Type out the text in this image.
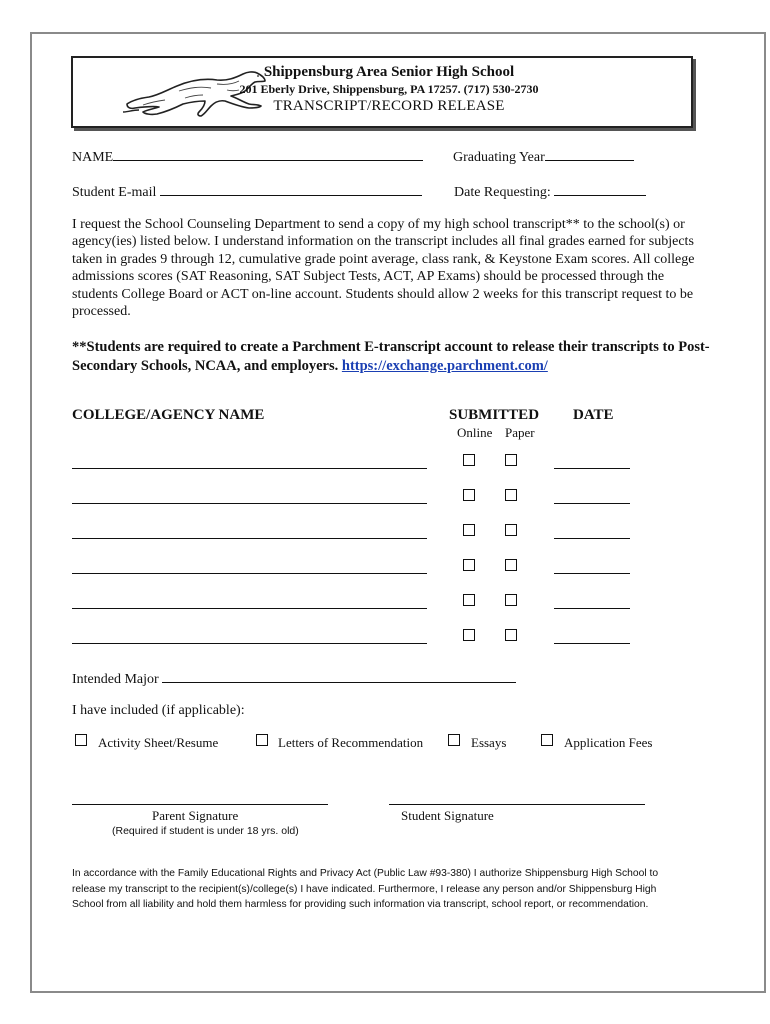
Shippensburg Area Senior High School
201 Eberly Drive, Shippensburg, PA 17257. (717) 530-2730
TRANSCRIPT/RECORD RELEASE
NAME	Graduating Year
Student E-mail	Date Requesting:
I request the School Counseling Department to send a copy of my high school transcript** to the school(s) or agency(ies) listed below. I understand information on the transcript includes all final grades earned for subjects taken in grades 9 through 12, cumulative grade point average, class rank, & Keystone Exam scores. All college admissions scores (SAT Reasoning, SAT Subject Tests, ACT, AP Exams) should be processed through the students College Board or ACT on-line account. Students should allow 2 weeks for this transcript request to be processed.
**Students are required to create a Parchment E-transcript account to release their transcripts to Post-Secondary Schools, NCAA, and employers. https://exchange.parchment.com/
COLLEGE/AGENCY NAME	SUBMITTED DATE
Online Paper
Intended Major
I have included (if applicable):
Activity Sheet/Resume	Letters of Recommendation	Essays	Application Fees
Parent Signature
(Required if student is under 18 yrs. old)
Student Signature
In accordance with the Family Educational Rights and Privacy Act (Public Law #93-380) I authorize Shippensburg High School to release my transcript to the recipient(s)/college(s) I have indicated. Furthermore, I release any person and/or Shippensburg High School from all liability and hold them harmless for providing such information via transcript, school report, or recommendation.
